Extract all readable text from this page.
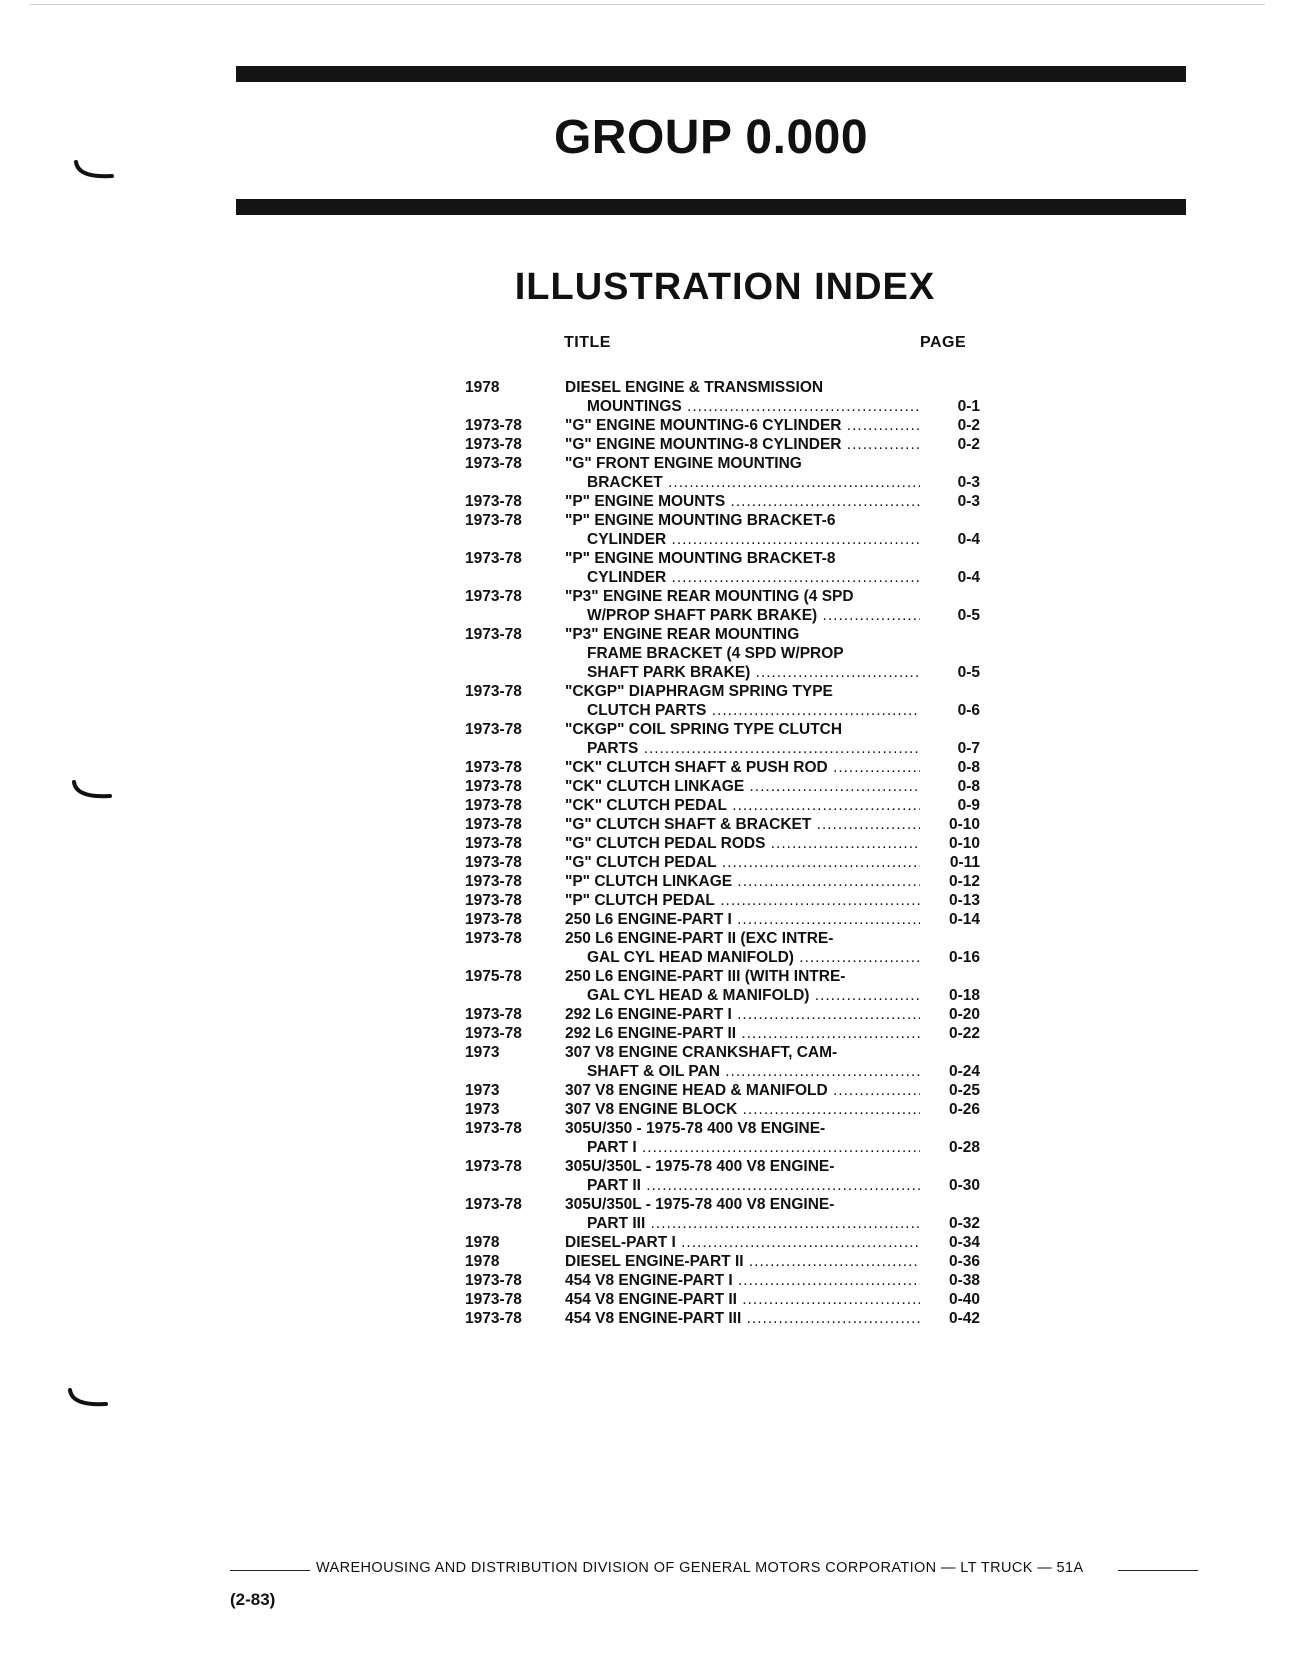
GROUP 0.000
ILLUSTRATION INDEX
TITLE	PAGE
1978	DIESEL ENGINE & TRANSMISSION
MOUNTINGS .....	0-1
1973-78	"G" ENGINE MOUNTING-6 CYLINDER .....	0-2
1973-78	"G" ENGINE MOUNTING-8 CYLINDER .....	0-2
1973-78	"G" FRONT ENGINE MOUNTING
BRACKET .....	0-3
1973-78	"P" ENGINE MOUNTS .....	0-3
1973-78	"P" ENGINE MOUNTING BRACKET-6
CYLINDER .....	0-4
1973-78	"P" ENGINE MOUNTING BRACKET-8
CYLINDER .....	0-4
1973-78	"P3" ENGINE REAR MOUNTING (4 SPD
W/PROP SHAFT PARK BRAKE) .....	0-5
1973-78	"P3" ENGINE REAR MOUNTING
FRAME BRACKET (4 SPD W/PROP
SHAFT PARK BRAKE) .....	0-5
1973-78	"CKGP" DIAPHRAGM SPRING TYPE
CLUTCH PARTS .....	0-6
1973-78	"CKGP" COIL SPRING TYPE CLUTCH
PARTS .....	0-7
1973-78	"CK" CLUTCH SHAFT & PUSH ROD .....	0-8
1973-78	"CK" CLUTCH LINKAGE .....	0-8
1973-78	"CK" CLUTCH PEDAL .....	0-9
1973-78	"G" CLUTCH SHAFT & BRACKET .....	0-10
1973-78	"G" CLUTCH PEDAL RODS .....	0-10
1973-78	"G" CLUTCH PEDAL .....	0-11
1973-78	"P" CLUTCH LINKAGE .....	0-12
1973-78	"P" CLUTCH PEDAL .....	0-13
1973-78	250 L6 ENGINE-PART I .....	0-14
1973-78	250 L6 ENGINE-PART II (EXC INTRE-
GAL CYL HEAD MANIFOLD) .....	0-16
1975-78	250 L6 ENGINE-PART III (WITH INTRE-
GAL CYL HEAD & MANIFOLD) .....	0-18
1973-78	292 L6 ENGINE-PART I .....	0-20
1973-78	292 L6 ENGINE-PART II .....	0-22
1973	307 V8 ENGINE CRANKSHAFT, CAM-
SHAFT & OIL PAN .....	0-24
1973	307 V8 ENGINE HEAD & MANIFOLD .....	0-25
1973	307 V8 ENGINE BLOCK .....	0-26
1973-78	305U/350 - 1975-78 400 V8 ENGINE-
PART I .....	0-28
1973-78	305U/350L - 1975-78 400 V8 ENGINE-
PART II .....	0-30
1973-78	305U/350L - 1975-78 400 V8 ENGINE-
PART III .....	0-32
1978	DIESEL-PART I .....	0-34
1978	DIESEL ENGINE-PART II .....	0-36
1973-78	454 V8 ENGINE-PART I .....	0-38
1973-78	454 V8 ENGINE-PART II .....	0-40
1973-78	454 V8 ENGINE-PART III .....	0-42
WAREHOUSING AND DISTRIBUTION DIVISION OF GENERAL MOTORS CORPORATION — LT TRUCK — 51A
(2-83)
